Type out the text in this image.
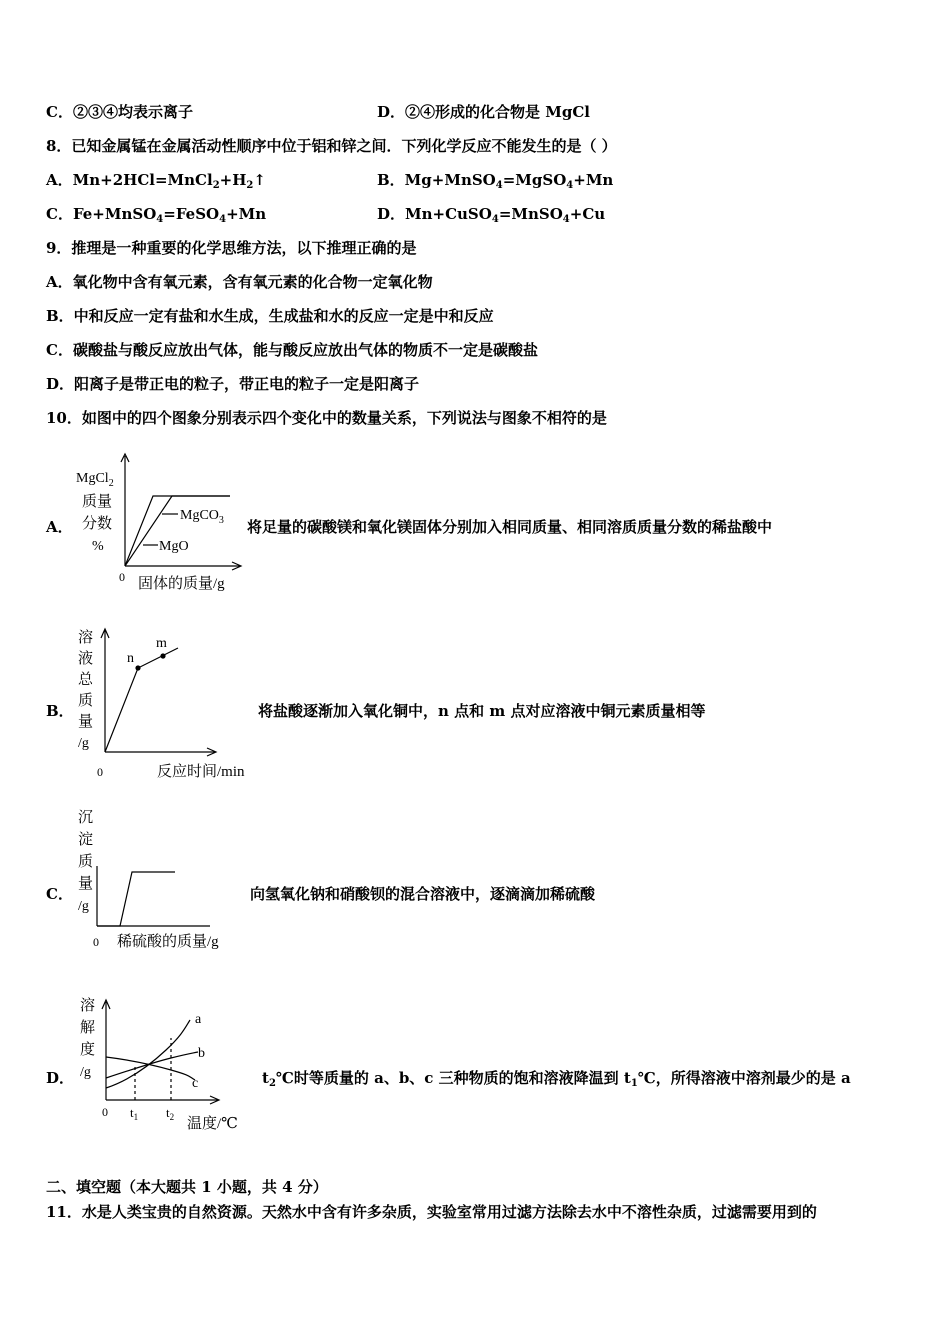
C．②③④均表示离子	D．②④形成的化合物是 MgCl
8．已知金属锰在金属活动性顺序中位于铝和锌之间．下列化学反应不能发生的是（ ）
A．$Mn+2HCl=MnCl_2+H_2↑$	B．Mg+MnSO$_4$=MgSO$_4$+Mn
C．Fe+MnSO$_4$=FeSO$_4$+Mn	D．Mn+CuSO$_4$=MnSO$_4$+Cu
9．推理是一种重要的化学思维方法，以下推理正确的是
A．氧化物中含有氧元素，含有氧元素的化合物一定氧化物
B．中和反应一定有盐和水生成，生成盐和水的反应一定是中和反应
C．碳酸盐与酸反应放出气体，能与酸反应放出气体的物质不一定是碳酸盐
D．阳离子是带正电的粒子，带正电的粒子一定是阳离子
10．如图中的四个图象分别表示四个变化中的数量关系，下列说法与图象不相符的是
A．
MgCl$_2$
质量
分数
%
0 固体的质量/g
MgCO$_3$
MgO
将足量的碳酸镁和氧化镁固体分别加入相同质量、相同溶质质量分数的稀盐酸中
B．
n
m
溶
液
总
质
量
/g
0	反应时间/min
将盐酸逐渐加入氧化铜中，n 点和 m 点对应溶液中铜元素质量相等
C．
沉
淀
质
量
/g
0 稀硫酸的质量/g
向氢氧化钠和硝酸钡的混合溶液中，逐滴滴加稀硫酸
D．
a
b
c
溶
解
度
/g
0 $t_1$ $t_2$ 温度/℃
$t_2℃$时等质量的 a、b、c 三种物质的饱和溶液降温到 $t_1℃$，所得溶液中溶剂最少的是 a
二、填空题（本大题共 1 小题，共 4 分）
11．水是人类宝贵的自然资源。天然水中含有许多杂质，实验室常用过滤方法除去水中不溶性杂质，过滤需要用到的
